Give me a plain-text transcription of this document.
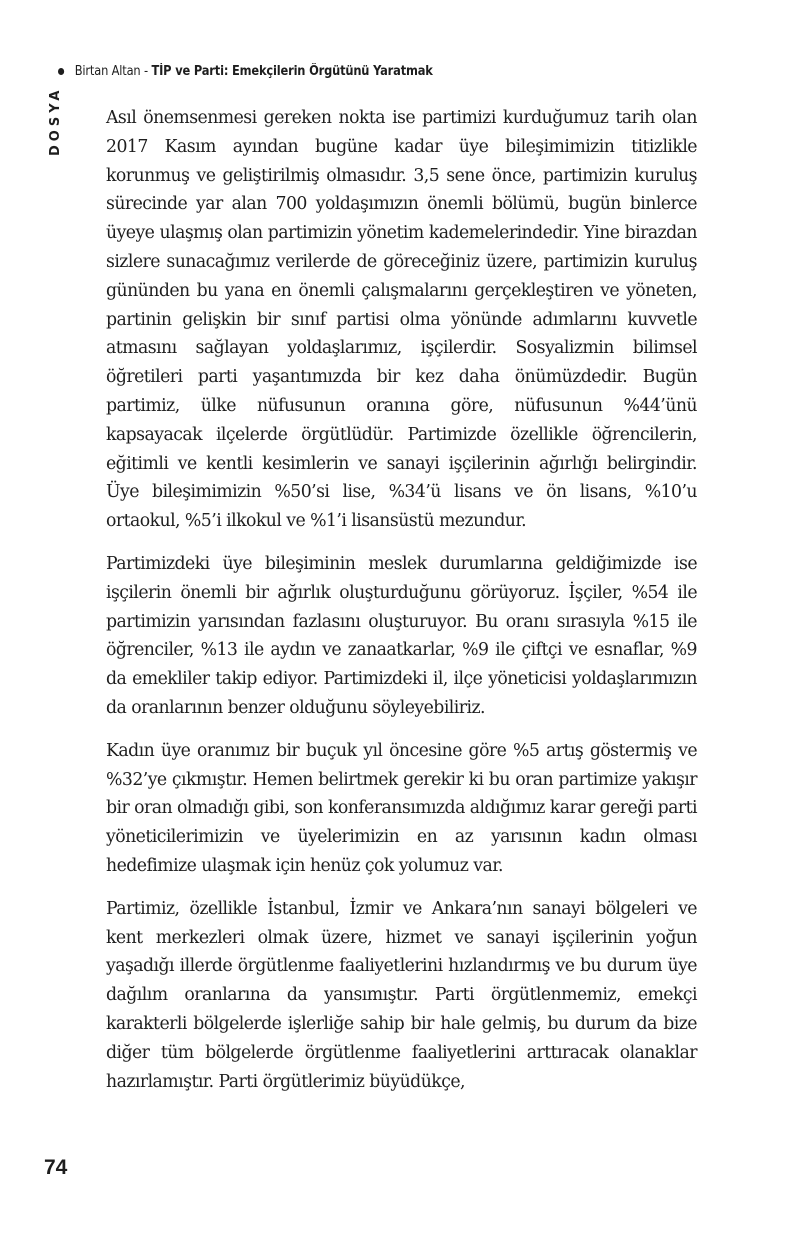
Birtan Altan - TİP ve Parti: Emekçilerin Örgütünü Yaratmak
DOSYA Asıl önemsenmesi gereken nokta ise partimizi kurduğumuz tarih olan 2017 Kasım ayından bugüne kadar üye bileşimimizin titizlikle korunmuş ve geliştirilmiş olmasıdır. 3,5 sene önce, partimizin kuruluş sürecinde yar alan 700 yoldaşımızın önemli bölümü, bugün binlerce üyeye ulaşmış olan partimizin yönetim kademelerindedir. Yine birazdan sizlere sunacağımız verilerde de göreceğiniz üzere, partimizin kuruluş gününden bu yana en önemli çalışmalarını gerçekleştiren ve yöneten, partinin gelişkin bir sınıf partisi olma yönünde adımlarını kuvvetle atmasını sağlayan yoldaşlarımız, işçilerdir. Sosyalizmin bilimsel öğretileri parti yaşantımızda bir kez daha önümüzdedir. Bugün partimiz, ülke nüfusunun oranına göre, nüfusunun %44’ünü kapsayacak ilçelerde örgütlüdür. Partimizde özellikle öğrencilerin, eğitimli ve kentli kesimlerin ve sanayi işçilerinin ağırlığı belirgindir. Üye bileşimimizin %50’si lise, %34’ü lisans ve ön lisans, %10’u ortaokul, %5’i ilkokul ve %1’i lisansüstü mezundur.

Partimizdeki üye bileşiminin meslek durumlarına geldiğimizde ise işçilerin önemli bir ağırlık oluşturduğunu görüyoruz. İşçiler, %54 ile partimizin yarısından fazlasını oluşturuyor. Bu oranı sırasıyla %15 ile öğrenciler, %13 ile aydın ve zanaatkarlar, %9 ile çiftçi ve esnaflar, %9 da emekliler takip ediyor. Partimizdeki il, ilçe yöneticisi yoldaşlarımızın da oranlarının benzer olduğunu söyleyebiliriz.

Kadın üye oranımız bir buçuk yıl öncesine göre %5 artış göstermiş ve %32’ye çıkmıştır. Hemen belirtmek gerekir ki bu oran partimize yakışır bir oran olmadığı gibi, son konferansımızda aldığımız karar gereği parti yöneticilerimizin ve üyelerimizin en az yarısının kadın olması hedefimize ulaşmak için henüz çok yolumuz var.

Partimiz, özellikle İstanbul, İzmir ve Ankara’nın sanayi bölgeleri ve kent merkezleri olmak üzere, hizmet ve sanayi işçilerinin yoğun yaşadığı illerde örgütlenme faaliyetlerini hızlandırmış ve bu durum üye dağılım oranlarına da yansımıştır. Parti örgütlenmemiz, emekçi karakterli bölgelerde işlerliğe sahip bir hale gelmiş, bu durum da bize diğer tüm bölgelerde örgütlenme faaliyetlerini arttıracak olanaklar hazırlamıştır. Parti örgütlerimiz büyüdükçe,

74
